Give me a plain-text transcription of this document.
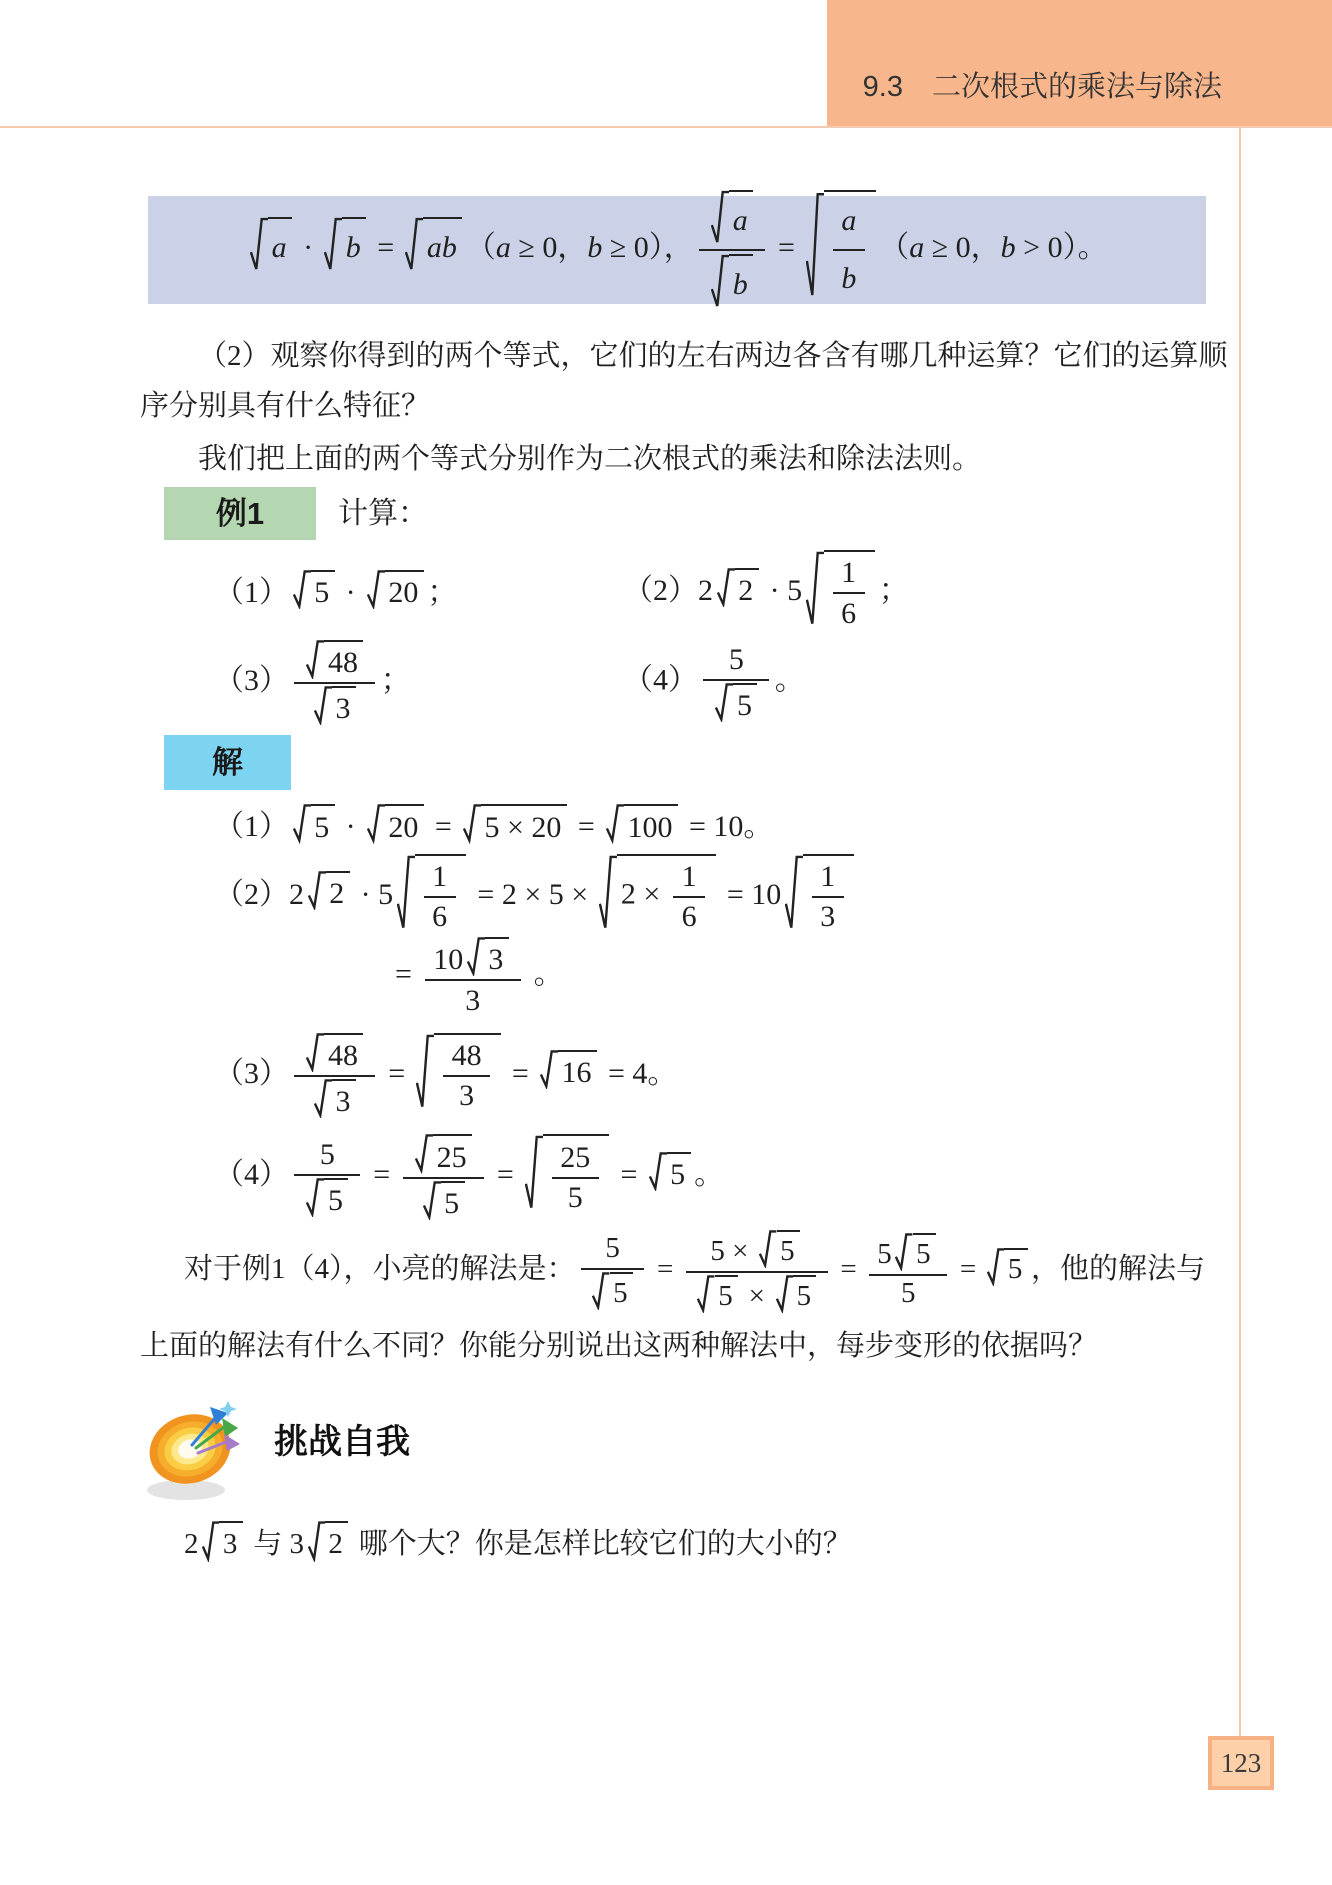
9.3　二次根式的乘法与除法
a ·
b =
ab （a ≥ 0，b ≥ 0）， $\frac{a}{b} = \frac{a}{b} (a \ge 0$，b > 0）。

（2）观察你得到的两个等式，它们的左右两边各含有哪几种运算？它们的运算顺序分别具有什么特征？

我们把上面的两个等式分别作为二次根式的乘法和除法法则。

例1	计算：
（1） 5 ·
20 ；	（2）2 $2 \cdot 5 \frac{1}{6}$ ；
$(3) \frac{48}{3}$ ；	$(4) \frac{5}{5}$ 。
解
（1） 5 ·
20 =
5 × 20 =
100 = 10。
（2）2 $2 \cdot 5 \frac{1}{6} = 2 \times 5$ ×
$2 \times \frac{1}{6} = 10 \frac{1}{3}$
= $\frac{10 3}{3}$ 。
$(3) \frac{48}{3} = \frac{48}{3}$ =
16 = 4。
$(4) \frac{5}{5} = \frac{25}{5} = \frac{25}{5}$ =
5 。
对于例1（4），小亮的解法是： $\frac{5}{5} = 5$ ×
5
5 ×
$5 = \frac{5 5}{5}$ =
5 ，他的解法与

上面的解法有什么不同？你能分别说出这两种解法中，每步变形的依据吗？

挑战自我
2 3 与 3 2 哪个大？你是怎样比较它们的大小的？
123
